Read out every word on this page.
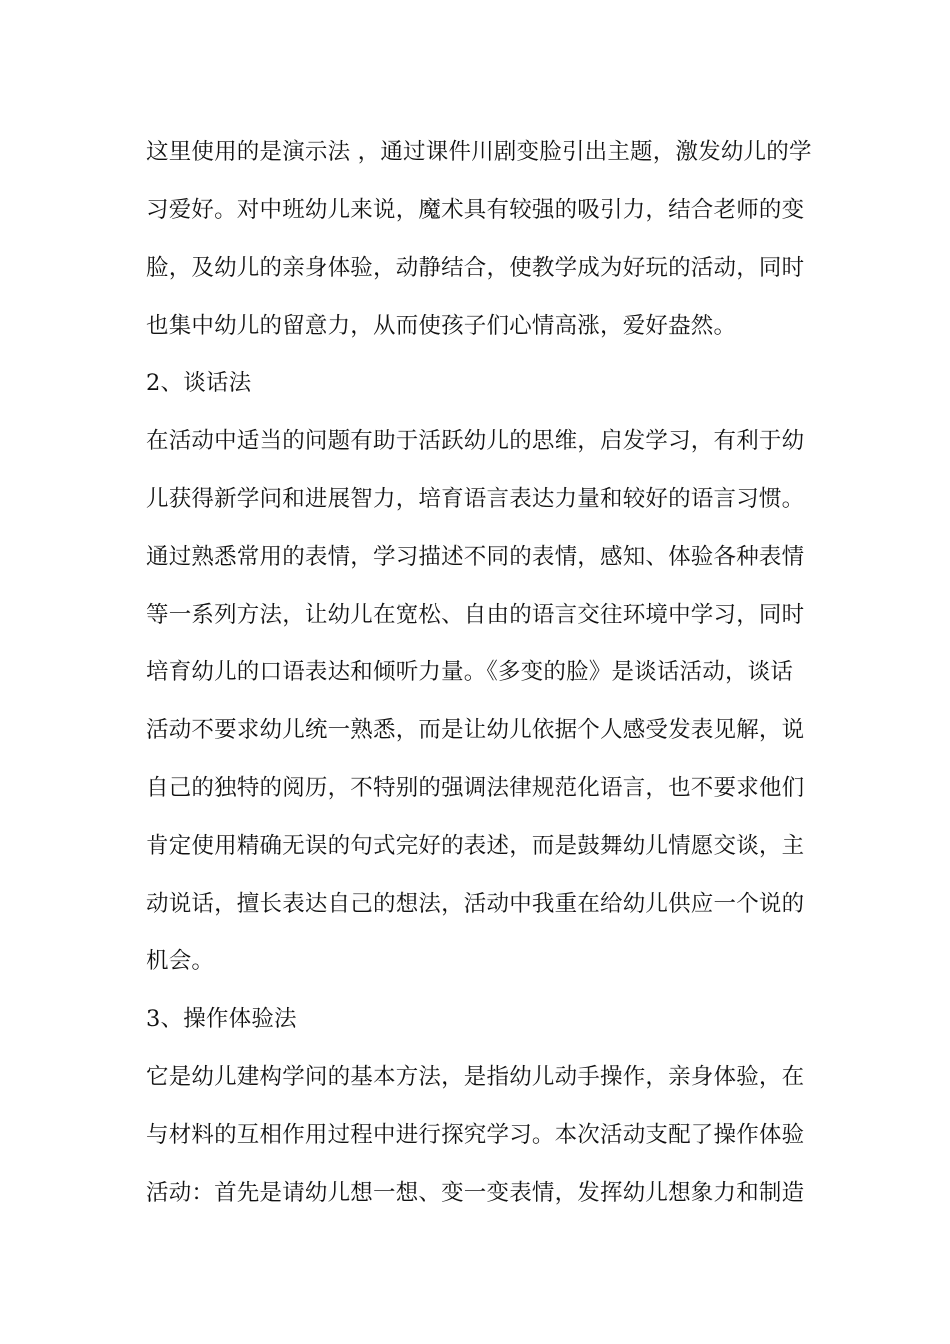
这里使用的是演示法 ，通过课件川剧变脸引出主题，激发幼儿的学
习爱好。对中班幼儿来说，魔术具有较强的吸引力，结合老师的变
脸，及幼儿的亲身体验，动静结合，使教学成为好玩的活动，同时
也集中幼儿的留意力，从而使孩子们心情高涨，爱好盎然。
2、谈话法
在活动中适当的问题有助于活跃幼儿的思维，启发学习，有利于幼
儿获得新学问和进展智力，培育语言表达力量和较好的语言习惯。
通过熟悉常用的表情，学习描述不同的表情，感知、体验各种表情
等一系列方法，让幼儿在宽松、自由的语言交往环境中学习，同时
培育幼儿的口语表达和倾听力量。《多变的脸》是谈话活动，谈话
活动不要求幼儿统一熟悉，而是让幼儿依据个人感受发表见解，说
自己的独特的阅历，不特别的强调法律规范化语言，也不要求他们
肯定使用精确无误的句式完好的表述，而是鼓舞幼儿情愿交谈，主
动说话，擅长表达自己的想法，活动中我重在给幼儿供应一个说的
机会。
3、操作体验法
它是幼儿建构学问的基本方法，是指幼儿动手操作，亲身体验，在
与材料的互相作用过程中进行探究学习。本次活动支配了操作体验
活动：首先是请幼儿想一想、变一变表情，发挥幼儿想象力和制造
